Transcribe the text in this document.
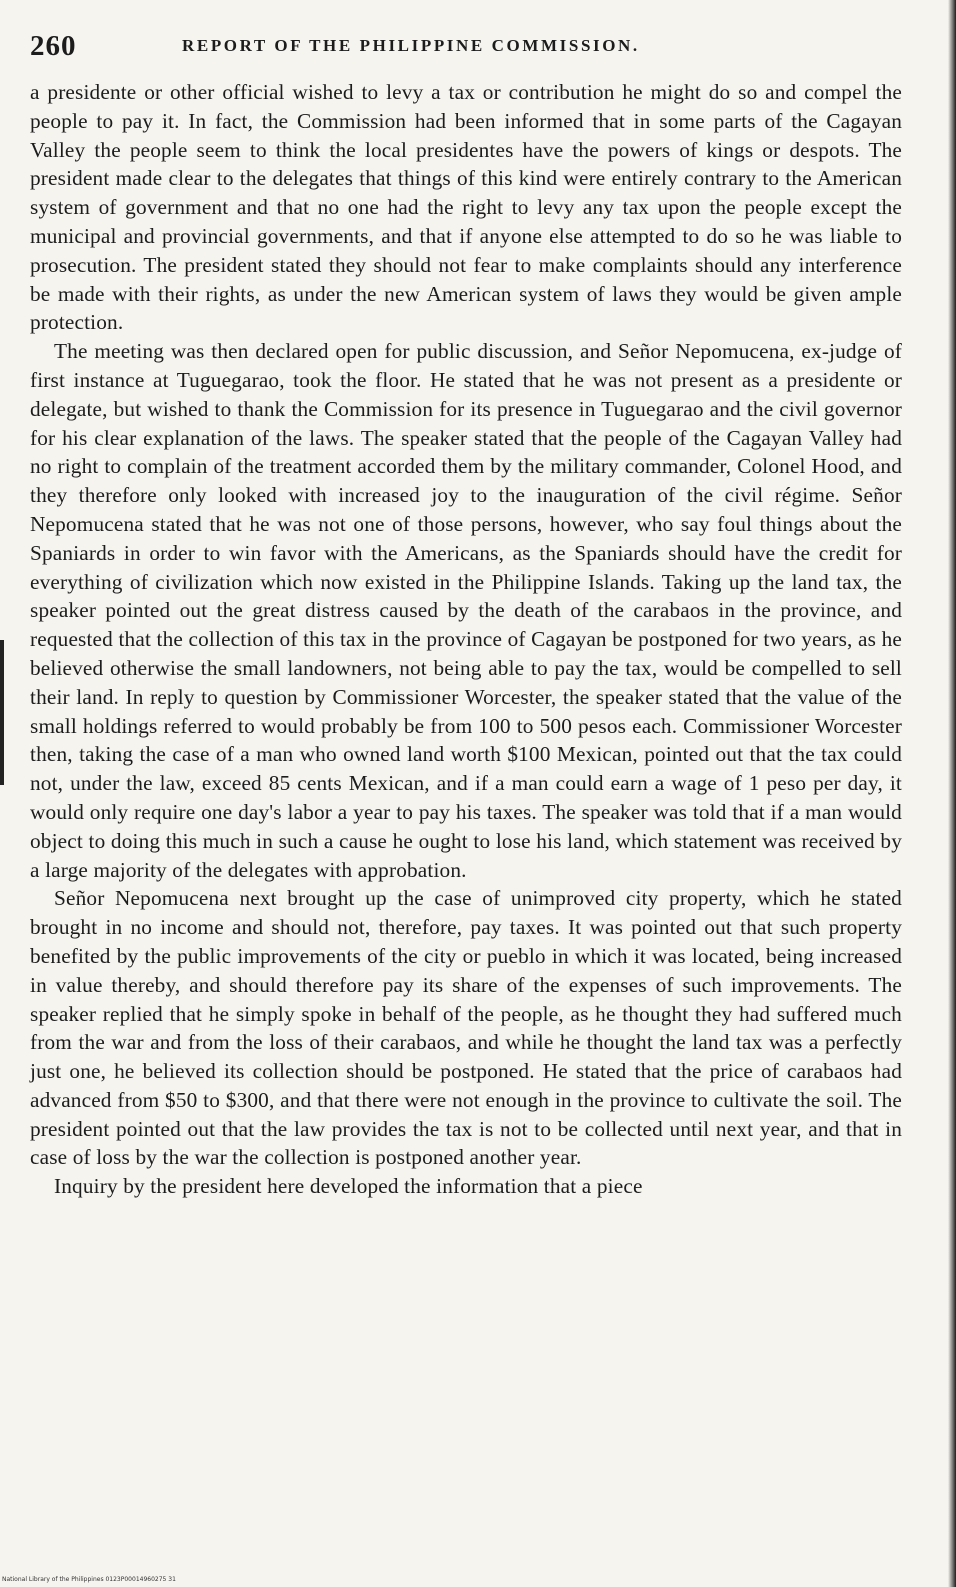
260	REPORT OF THE PHILIPPINE COMMISSION.

a presidente or other official wished to levy a tax or contribution he might do so and compel the people to pay it. In fact, the Commission had been informed that in some parts of the Cagayan Valley the people seem to think the local presidentes have the powers of kings or despots. The president made clear to the delegates that things of this kind were entirely contrary to the American system of government and that no one had the right to levy any tax upon the people except the municipal and provincial governments, and that if anyone else attempted to do so he was liable to prosecution. The president stated they should not fear to make complaints should any interference be made with their rights, as under the new American system of laws they would be given ample protection.

The meeting was then declared open for public discussion, and Señor Nepomucena, ex-judge of first instance at Tuguegarao, took the floor. He stated that he was not present as a presidente or delegate, but wished to thank the Commission for its presence in Tuguegarao and the civil governor for his clear explanation of the laws. The speaker stated that the people of the Cagayan Valley had no right to complain of the treatment accorded them by the military commander, Colonel Hood, and they therefore only looked with increased joy to the inauguration of the civil régime. Señor Nepomucena stated that he was not one of those persons, however, who say foul things about the Spaniards in order to win favor with the Americans, as the Spaniards should have the credit for everything of civilization which now existed in the Philippine Islands. Taking up the land tax, the speaker pointed out the great distress caused by the death of the carabaos in the province, and requested that the collection of this tax in the province of Cagayan be postponed for two years, as he believed otherwise the small landowners, not being able to pay the tax, would be compelled to sell their land. In reply to question by Commissioner Worcester, the speaker stated that the value of the small holdings referred to would probably be from 100 to 500 pesos each. Commissioner Worcester then, taking the case of a man who owned land worth $100 Mexican, pointed out that the tax could not, under the law, exceed 85 cents Mexican, and if a man could earn a wage of 1 peso per day, it would only require one day's labor a year to pay his taxes. The speaker was told that if a man would object to doing this much in such a cause he ought to lose his land, which statement was received by a large majority of the delegates with approbation.

Señor Nepomucena next brought up the case of unimproved city property, which he stated brought in no income and should not, therefore, pay taxes. It was pointed out that such property benefited by the public improvements of the city or pueblo in which it was located, being increased in value thereby, and should therefore pay its share of the expenses of such improvements. The speaker replied that he simply spoke in behalf of the people, as he thought they had suffered much from the war and from the loss of their carabaos, and while he thought the land tax was a perfectly just one, he believed its collection should be postponed. He stated that the price of carabaos had advanced from $50 to $300, and that there were not enough in the province to cultivate the soil. The president pointed out that the law provides the tax is not to be collected until next year, and that in case of loss by the war the collection is postponed another year.

Inquiry by the president here developed the information that a piece

National Library of the Philippines 0123P00014960275 31
